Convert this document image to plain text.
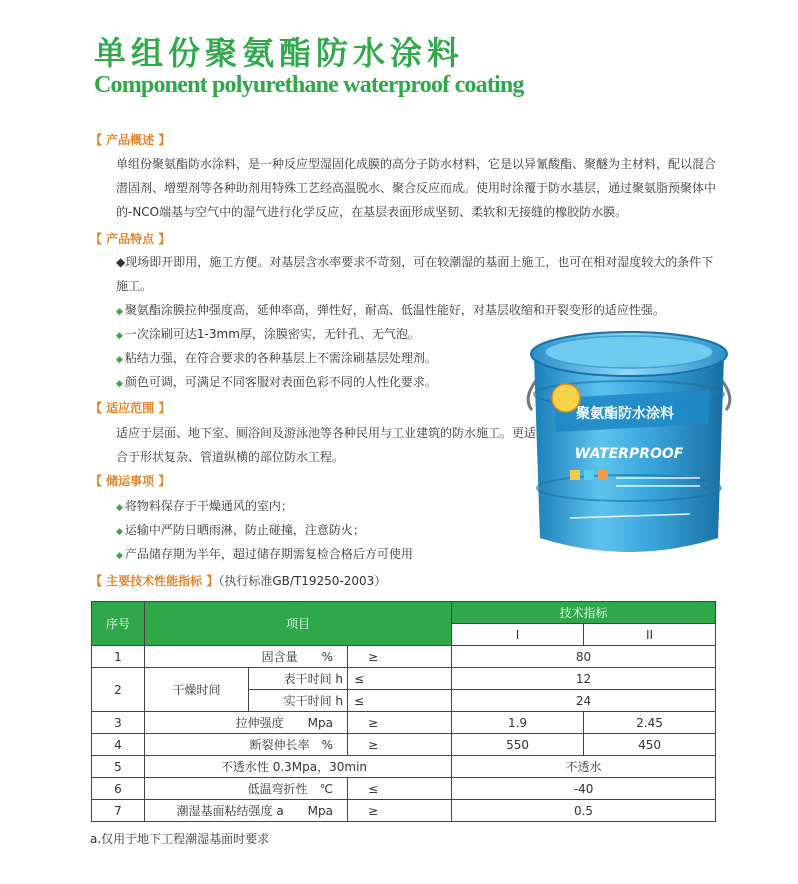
单组份聚氨酯防水涂料
Component polyurethane waterproof coating
【 产品概述 】
单组份聚氨酯防水涂料，是一种反应型湿固化成膜的高分子防水材料，它是以异氰酸酯、聚醚为主材料，配以混合潜固剂、增塑剂等各种助剂用特殊工艺经高温脱水、聚合反应而成。使用时涂覆于防水基层，通过聚氨脂预聚体中的-NCO端基与空气中的湿气进行化学反应，在基层表面形成坚韧、柔软和无接缝的橡胶防水膜。
【 产品特点 】
◆现场即开即用，施工方便。对基层含水率要求不苛刻，可在较潮湿的基面上施工，也可在相对湿度较大的条件下施工。
◆ 聚氨酯涂膜拉伸强度高，延伸率高，弹性好，耐高、低温性能好，对基层收缩和开裂变形的适应性强。
◆ 一次涂刷可达1-3mm厚，涂膜密实，无针孔、无气泡。
◆ 粘结力强，在符合要求的各种基层上不需涂刷基层处理剂。
◆ 颜色可调，可满足不同客服对表面色彩不同的人性化要求。
【 适应范围 】
适应于层面、地下室、厕浴间及游泳池等各种民用与工业建筑的防水施工。更适合于形状复杂、管道纵横的部位防水工程。
【 储运事项 】
◆ 将物料保存于干燥通风的室内；
◆ 运输中严防日晒雨淋，防止碰撞，注意防火；
◆ 产品储存期为半年，超过储存期需复检合格后方可使用
【 主要技术性能指标 】（执行标准GB/T19250-2003）
聚氨酯防水涂料
WATERPROOF
序号	项目			技术指标	
				I	II
1	固含量　　%		≥	80	
2	干燥时间	表干时间 h	≤	12	
		实干时间 h	≤	24	
3	拉伸强度　　Mpa		≥	1.9	2.45
4	断裂伸长率　%		≥	550	450
5	不透水性 0.3Mpa，30min			不透水	
6	低温弯折性　℃		≤	-40	
7	潮湿基面粘结强度 a　　Mpa		≥	0.5	
a.仅用于地下工程潮湿基面时要求
